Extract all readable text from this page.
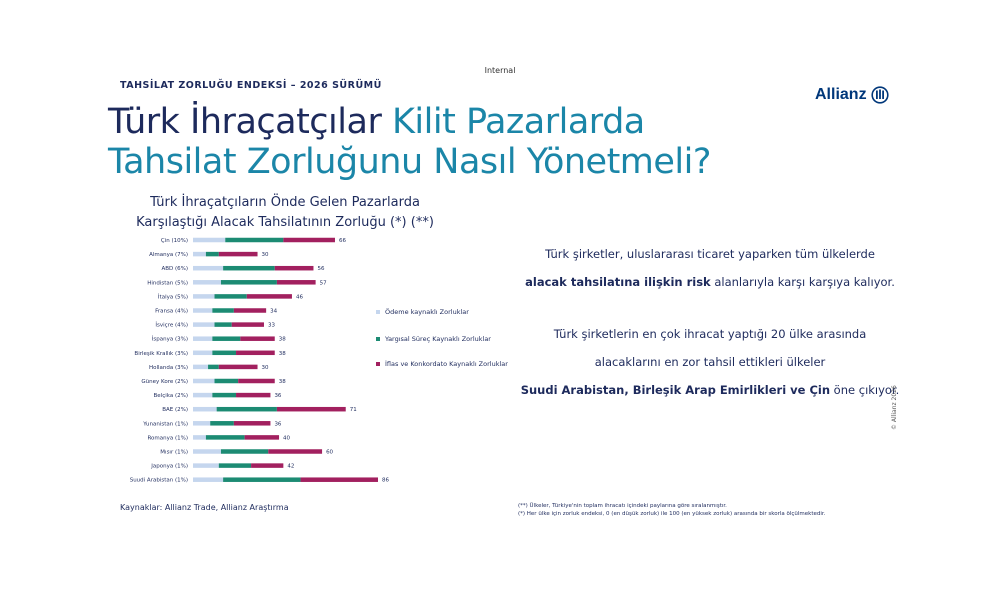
Internal
TAHSİLAT ZORLUĞU ENDEKSİ – 2026 SÜRÜMÜ
Allianz
Türk İhraçatçılar Kilit Pazarlarda
Tahsilat Zorluğunu Nasıl Yönetmeli?
Türk İhraçatçıların Önde Gelen Pazarlarda
Karşılaştığı Alacak Tahsilatının Zorluğu (*) (**)
Çin (10%)	66
Almanya (7%)	30
ABD (6%)	56
Hindistan (5%)	57
İtalya (5%)	46
Fransa (4%)	34
İsviçre (4%)	33
İspanya (3%)	38
Birleşik Krallık (3%)	38
Hollanda (3%)	30
Güney Kore (2%)	38
Belçika (2%)	36
BAE (2%)	71
Yunanistan (1%)	36
Romanya (1%)	40
Mısır (1%)	60
Japonya (1%)	42
Suudi Arabistan (1%)	86
Ödeme kaynaklı Zorluklar
Yargısal Süreç Kaynaklı Zorluklar
İflas ve Konkordato Kaynaklı Zorluklar
Kaynaklar: Allianz Trade, Allianz Araştırma

Türk şirketler, uluslararası ticaret yaparken tüm ülkelerde

alacak tahsilatına ilişkin risk alanlarıyla karşı karşıya kalıyor.

Türk şirketlerin en çok ihracat yaptığı 20 ülke arasında

alacaklarını en zor tahsil ettikleri ülkeler

Suudi Arabistan, Birleşik Arap Emirlikleri ve Çin öne çıkıyor.

(**) Ülkeler, Türkiye'nin toplam ihracatı içindeki paylarına göre sıralanmıştır.
(*) Her ülke için zorluk endeksi, 0 (en düşük zorluk) ile 100 (en yüksek zorluk) arasında bir skorla ölçülmektedir.
© Allianz 2026
